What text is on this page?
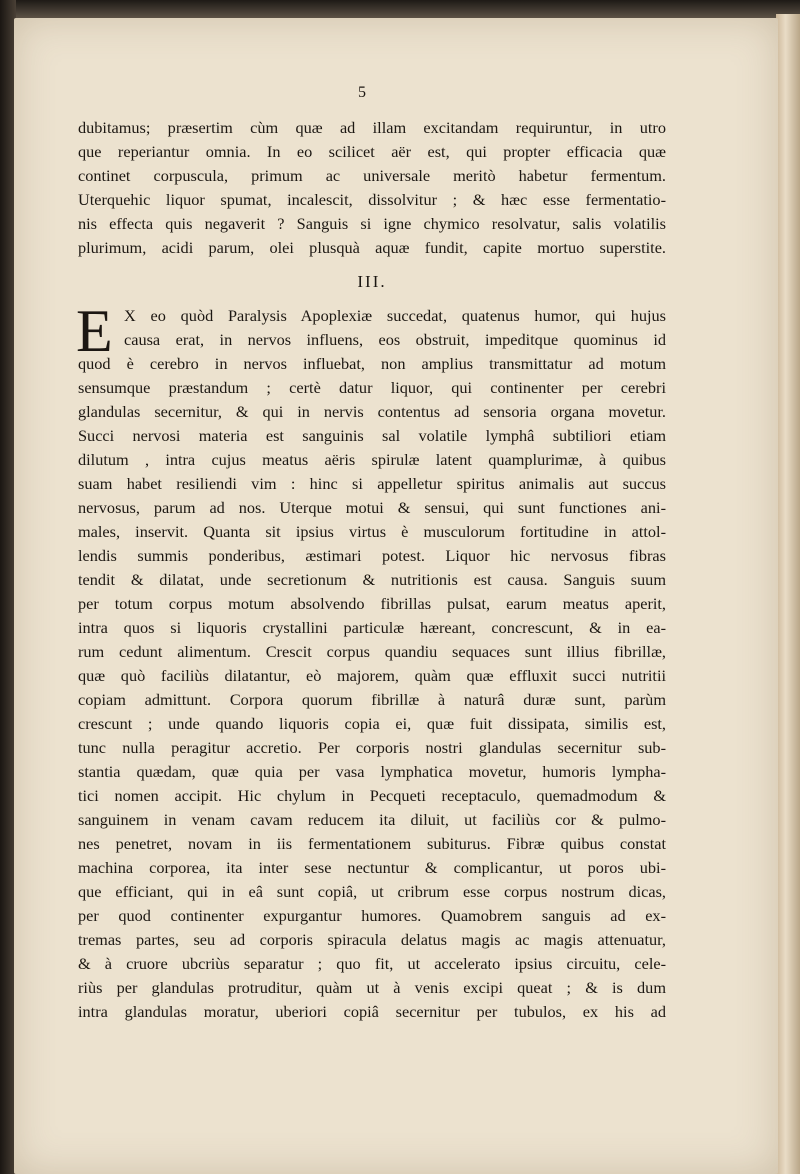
5
dubitamus; præsertim cùm quæ ad illam excitandam requiruntur, in utro
que reperiantur omnia. In eo scilicet aër est, qui propter efficacia quæ
continet corpuscula, primum ac universale meritò habetur fermentum.
Uterquehic liquor spumat, incalescit, dissolvitur ; & hæc esse fermentatio-
nis effecta quis negaverit ? Sanguis si igne chymico resolvatur, salis volatilis
plurimum, acidi parum, olei plusquà aquæ fundit, capite mortuo superstite.
III.
E X eo quòd Paralysis Apoplexiæ succedat, quatenus humor, qui hujus
causa erat, in nervos influens, eos obstruit, impeditque quominus id
quod è cerebro in nervos influebat, non amplius transmittatur ad motum
sensumque præstandum ; certè datur liquor, qui continenter per cerebri
glandulas secernitur, & qui in nervis contentus ad sensoria organa movetur.
Succi nervosi materia est sanguinis sal volatile lymphâ subtiliori etiam
dilutum , intra cujus meatus aëris spirulæ latent quamplurimæ, à quibus
suam habet resiliendi vim : hinc si appelletur spiritus animalis aut succus
nervosus, parum ad nos. Uterque motui & sensui, qui sunt functiones ani-
males, inservit. Quanta sit ipsius virtus è musculorum fortitudine in attol-
lendis summis ponderibus, æstimari potest. Liquor hic nervosus fibras
tendit & dilatat, unde secretionum & nutritionis est causa. Sanguis suum
per totum corpus motum absolvendo fibrillas pulsat, earum meatus aperit,
intra quos si liquoris crystallini particulæ hæreant, concrescunt, & in ea-
rum cedunt alimentum. Crescit corpus quandiu sequaces sunt illius fibrillæ,
quæ quò faciliùs dilatantur, eò majorem, quàm quæ effluxit succi nutritii
copiam admittunt. Corpora quorum fibrillæ à naturâ duræ sunt, parùm
crescunt ; unde quando liquoris copia ei, quæ fuit dissipata, similis est,
tunc nulla peragitur accretio. Per corporis nostri glandulas secernitur sub-
stantia quædam, quæ quia per vasa lymphatica movetur, humoris lympha-
tici nomen accipit. Hic chylum in Pecqueti receptaculo, quemadmodum &
sanguinem in venam cavam reducem ita diluit, ut faciliùs cor & pulmo-
nes penetret, novam in iis fermentationem subiturus. Fibræ quibus constat
machina corporea, ita inter sese nectuntur & complicantur, ut poros ubi-
que efficiant, qui in eâ sunt copiâ, ut cribrum esse corpus nostrum dicas,
per quod continenter expurgantur humores. Quamobrem sanguis ad ex-
tremas partes, seu ad corporis spiracula delatus magis ac magis attenuatur,
& à cruore ubcriùs separatur ; quo fit, ut accelerato ipsius circuitu, cele-
riùs per glandulas protruditur, quàm ut à venis excipi queat ; & is dum
intra glandulas moratur, uberiori copiâ secernitur per tubulos, ex his ad
